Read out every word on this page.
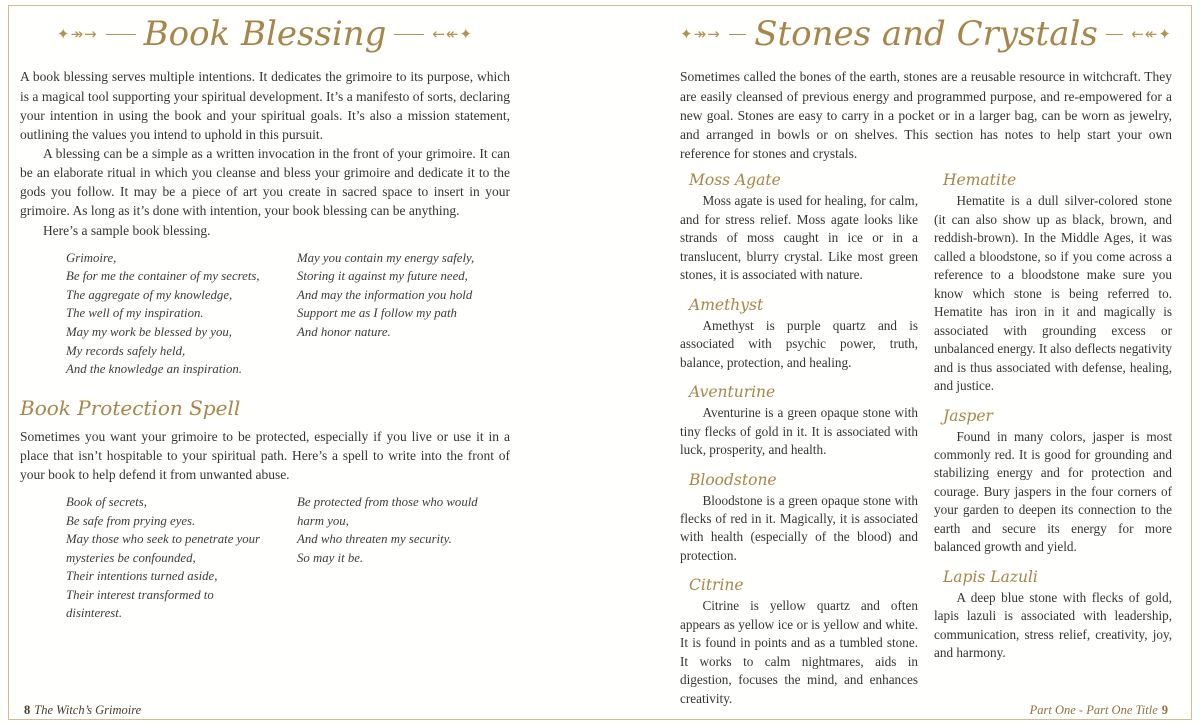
✦↠→ Book Blessing	←↞✦

A book blessing serves multiple intentions. It dedicates the grimoire to its purpose, which is a magical tool supporting your spiritual development. It’s a manifesto of sorts, declaring your intention in using the book and your spiritual goals. It’s also a mission statement, outlining the values you intend to uphold in this pursuit.

A blessing can be a simple as a written invocation in the front of your grimoire. It can be an elaborate ritual in which you cleanse and bless your grimoire and dedicate it to the gods you follow. It may be a piece of art you create in sacred space to insert in your grimoire. As long as it’s done with intention, your book blessing can be anything.

Here’s a sample book blessing.

Grimoire,
Be for me the container of my secrets,
The aggregate of my knowledge,
The well of my inspiration.
May my work be blessed by you,
My records safely held,
And the knowledge an inspiration.
May you contain my energy safely,
Storing it against my future need,
And may the information you hold
Support me as I follow my path
And honor nature.
Book Protection Spell

Sometimes you want your grimoire to be protected, especially if you live or use it in a place that isn’t hospitable to your spiritual path. Here’s a spell to write into the front of your book to help defend it from unwanted abuse.

Book of secrets,
Be safe from prying eyes.
May those who seek to penetrate your mysteries be confounded,
Their intentions turned aside,
Their interest transformed to disinterest.
Be protected from those who would harm you,
And who threaten my security.
So may it be.
✦↠→ Stones and Crystals ←↞✦

Sometimes called the bones of the earth, stones are a reusable resource in witchcraft. They are easily cleansed of previous energy and programmed purpose, and re-empowered for a new goal. Stones are easy to carry in a pocket or in a larger bag, can be worn as jewelry, and arranged in bowls or on shelves. This section has notes to help start your own reference for stones and crystals.

Moss Agate

Moss agate is used for healing, for calm, and for stress relief. Moss agate looks like strands of moss caught in ice or in a translucent, blurry crystal. Like most green stones, it is associated with nature.

Amethyst

Amethyst is purple quartz and is associated with psychic power, truth, balance, protection, and healing.

Aventurine

Aventurine is a green opaque stone with tiny flecks of gold in it. It is associated with luck, prosperity, and health.

Bloodstone

Bloodstone is a green opaque stone with flecks of red in it. Magically, it is associated with health (especially of the blood) and protection.

Citrine

Citrine is yellow quartz and often appears as yellow ice or is yellow and white. It is found in points and as a tumbled stone. It works to calm nightmares, aids in digestion, focuses the mind, and enhances creativity.

Hematite

Hematite is a dull silver-colored stone (it can also show up as black, brown, and reddish-brown). In the Middle Ages, it was called a bloodstone, so if you come across a reference to a bloodstone make sure you know which stone is being referred to. Hematite has iron in it and magically is associated with grounding excess or unbalanced energy. It also deflects negativity and is thus associated with defense, healing, and justice.

Jasper

Found in many colors, jasper is most commonly red. It is good for grounding and stabilizing energy and for protection and courage. Bury jaspers in the four corners of your garden to deepen its connection to the earth and secure its energy for more balanced growth and yield.

Lapis Lazuli

A deep blue stone with flecks of gold, lapis lazuli is associated with leadership, communication, stress relief, creativity, joy, and harmony.

8 The Witch’s Grimoire	Part One - Part One Title 9
